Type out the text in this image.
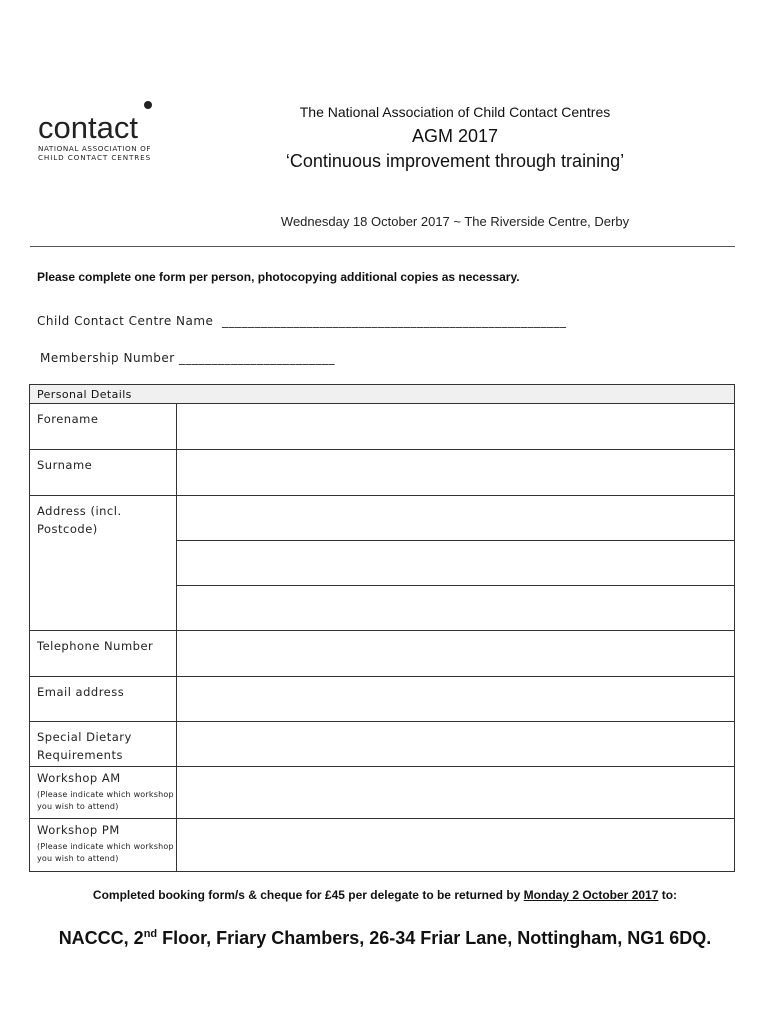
contact
NATIONAL ASSOCIATION OF
CHILD CONTACT CENTRES
The National Association of Child Contact Centres
AGM 2017
‘Continuous improvement through training’
Wednesday 18 October 2017 ~ The Riverside Centre, Derby
Please complete one form per person, photocopying additional copies as necessary.
Child Contact Centre Name _____________________________________________________
Membership Number ________________________
Personal Details
Forename
Surname
Address (incl. Postcode)
Telephone Number
Email address
Special Dietary Requirements
Workshop AM
(Please indicate which workshop you wish to attend)
Workshop PM
(Please indicate which workshop you wish to attend)
Completed booking form/s & cheque for £45 per delegate to be returned by Monday 2 October 2017 to:
NACCC, 2nd Floor, Friary Chambers, 26-34 Friar Lane, Nottingham, NG1 6DQ.
